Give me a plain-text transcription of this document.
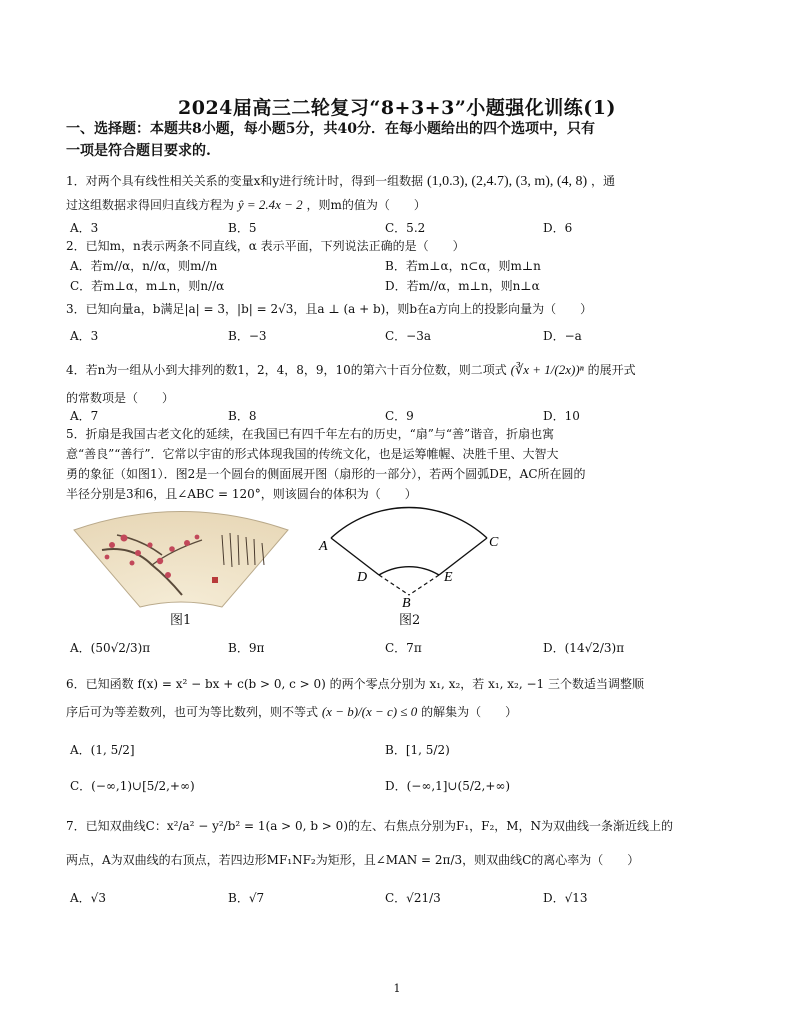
2024届高三二轮复习“8+3+3”小题强化训练(1)
一、选择题：本题共8小题，每小题5分，共40分．在每小题给出的四个选项中，只有
一项是符合题目要求的.
1．对两个具有线性相关关系的变量x和y进行统计时，得到一组数据 (1,0.3), (2,4.7), (3, m), (4, 8) ，通
过这组数据求得回归直线方程为 ŷ = 2.4x − 2 ，则m的值为（　　）
A．3	B．5	C．5.2	D．6
2．已知m，n表示两条不同直线，α 表示平面，下列说法正确的是（　　）
A．若m//α，n//α，则m//n	B．若m⊥α，n⊂α，则m⊥n
C．若m⊥α，m⊥n，则n//α	D．若m//α，m⊥n，则n⊥α
3．已知向量a，b满足|a| = 3，|b| = 2√3，且a ⊥ (a + b)，则b在a方向上的投影向量为（　　）
A．3	B．−3	C．−3a	D．−a
4．若n为一组从小到大排列的数1，2，4，8，9，10的第六十百分位数，则二项式 (∛x + 1/(2x))ⁿ 的展开式
的常数项是（　　）
A．7	B．8	C．9	D．10
5．折扇是我国古老文化的延续，在我国已有四千年左右的历史，“扇”与“善”谐音，折扇也寓
意“善良”“善行”．它常以宇宙的形式体现我国的传统文化，也是运筹帷幄、决胜千里、大智大
勇的象征（如图1）．图2是一个圆台的侧面展开图（扇形的一部分），若两个圆弧DE，AC所在圆的
半径分别是3和6，且∠ABC = 120°，则该圆台的体积为（　　）
图1
A	C
D	E
B
图2
A．(50√2/3)π	B．9π	C．7π	D．(14√2/3)π
6．已知函数 f(x) = x² − bx + c(b > 0, c > 0) 的两个零点分别为 x₁, x₂，若 x₁, x₂, −1 三个数适当调整顺
序后可为等差数列，也可为等比数列，则不等式 (x − b)/(x − c) ≤ 0 的解集为（　　）
A．(1, 5/2]	B．[1, 5/2)
C．(−∞,1)∪[5/2,+∞)	D．(−∞,1]∪(5/2,+∞)
7．已知双曲线C：x²/a² − y²/b² = 1(a > 0, b > 0)的左、右焦点分别为F₁，F₂，M，N为双曲线一条渐近线上的
两点，A为双曲线的右顶点，若四边形MF₁NF₂为矩形，且∠MAN = 2π/3，则双曲线C的离心率为（　　）
A．√3	B．√7	C．√21/3	D．√13
1
